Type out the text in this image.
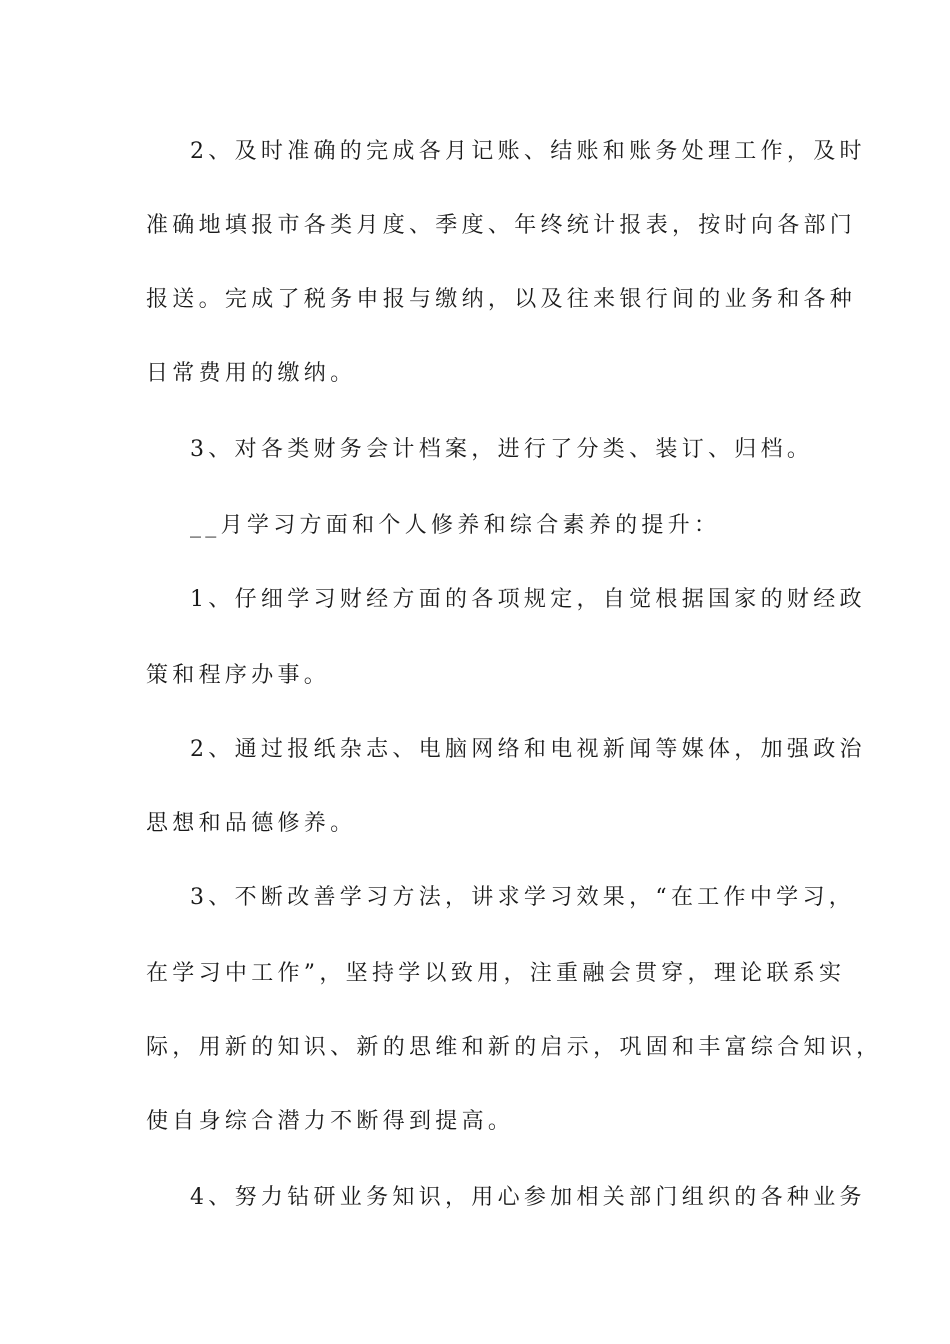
2、及时准确的完成各月记账、结账和账务处理工作，及时
准确地填报市各类月度、季度、年终统计报表，按时向各部门
报送。完成了税务申报与缴纳，以及往来银行间的业务和各种
日常费用的缴纳。
3、对各类财务会计档案，进行了分类、装订、归档。
__月学习方面和个人修养和综合素养的提升：
1、仔细学习财经方面的各项规定，自觉根据国家的财经政
策和程序办事。
2、通过报纸杂志、电脑网络和电视新闻等媒体，加强政治
思想和品德修养。
3、不断改善学习方法，讲求学习效果，“在工作中学习，
在学习中工作”，坚持学以致用，注重融会贯穿，理论联系实
际，用新的知识、新的思维和新的启示，巩固和丰富综合知识，
使自身综合潜力不断得到提高。
4、努力钻研业务知识，用心参加相关部门组织的各种业务
